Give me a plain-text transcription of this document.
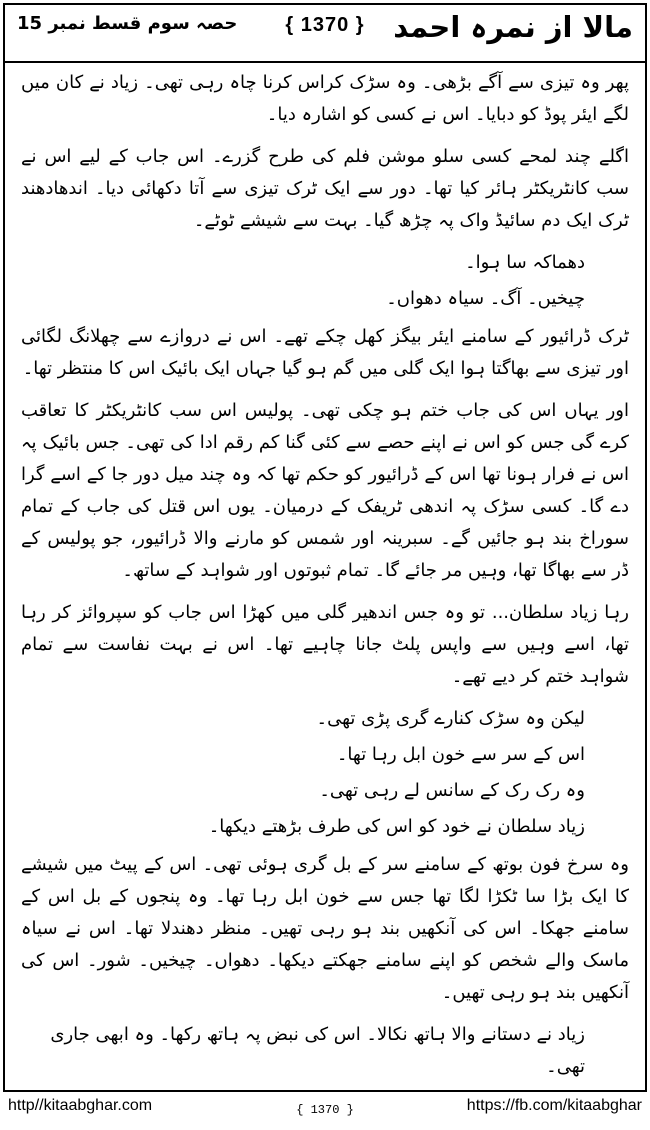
حصہ سوم قسط نمبر 15 { 1370 } مالا از نمرہ احمد

پھر وہ تیزی سے آگے بڑھی۔ وہ سڑک کراس کرنا چاہ رہی تھی۔ زیاد نے کان میں لگے ایئر پوڈ کو دبایا۔ اس نے کسی کو اشارہ دیا۔

اگلے چند لمحے کسی سلو موشن فلم کی طرح گزرے۔ اس جاب کے لیے اس نے سب کانٹریکٹر ہائر کیا تھا۔ دور سے ایک ٹرک تیزی سے آتا دکھائی دیا۔ اندھادھند ٹرک ایک دم سائیڈ واک پہ چڑھ گیا۔ بہت سے شیشے ٹوٹے۔

دھماکہ سا ہوا۔

چیخیں۔ آگ۔ سیاہ دھواں۔

ٹرک ڈرائیور کے سامنے ایئر بیگز کھل چکے تھے۔ اس نے دروازے سے چھلانگ لگائی اور تیزی سے بھاگتا ہوا ایک گلی میں گم ہو گیا جہاں ایک بائیک اس کا منتظر تھا۔

اور یہاں اس کی جاب ختم ہو چکی تھی۔ پولیس اس سب کانٹریکٹر کا تعاقب کرے گی جس کو اس نے اپنے حصے سے کئی گنا کم رقم ادا کی تھی۔ جس بائیک پہ اس نے فرار ہونا تھا اس کے ڈرائیور کو حکم تھا کہ وہ چند میل دور جا کے اسے گرا دے گا۔ کسی سڑک پہ اندھی ٹریفک کے درمیان۔ یوں اس قتل کی جاب کے تمام سوراخ بند ہو جائیں گے۔ سبرینہ اور شمس کو مارنے والا ڈرائیور، جو پولیس کے ڈر سے بھاگا تھا، وہیں مر جائے گا۔ تمام ثبوتوں اور شواہد کے ساتھ۔

رہا زیاد سلطان... تو وہ جس اندھیر گلی میں کھڑا اس جاب کو سپروائز کر رہا تھا، اسے وہیں سے واپس پلٹ جانا چاہیے تھا۔ اس نے بہت نفاست سے تمام شواہد ختم کر دیے تھے۔

لیکن وہ سڑک کنارے گری پڑی تھی۔

اس کے سر سے خون ابل رہا تھا۔

وہ رک رک کے سانس لے رہی تھی۔

زیاد سلطان نے خود کو اس کی طرف بڑھتے دیکھا۔

وہ سرخ فون بوتھ کے سامنے سر کے بل گری ہوئی تھی۔ اس کے پیٹ میں شیشے کا ایک بڑا سا ٹکڑا لگا تھا جس سے خون ابل رہا تھا۔ وہ پنجوں کے بل اس کے سامنے جھکا۔ اس کی آنکھیں بند ہو رہی تھیں۔ منظر دھندلا تھا۔ اس نے سیاہ ماسک والے شخص کو اپنے سامنے جھکتے دیکھا۔ دھواں۔ چیخیں۔ شور۔ اس کی آنکھیں بند ہو رہی تھیں۔

زیاد نے دستانے والا ہاتھ نکالا۔ اس کی نبض پہ ہاتھ رکھا۔ وہ ابھی جاری تھی۔

http//kitaabghar.com	{ 1370 }	https://fb.com/kitaabghar
